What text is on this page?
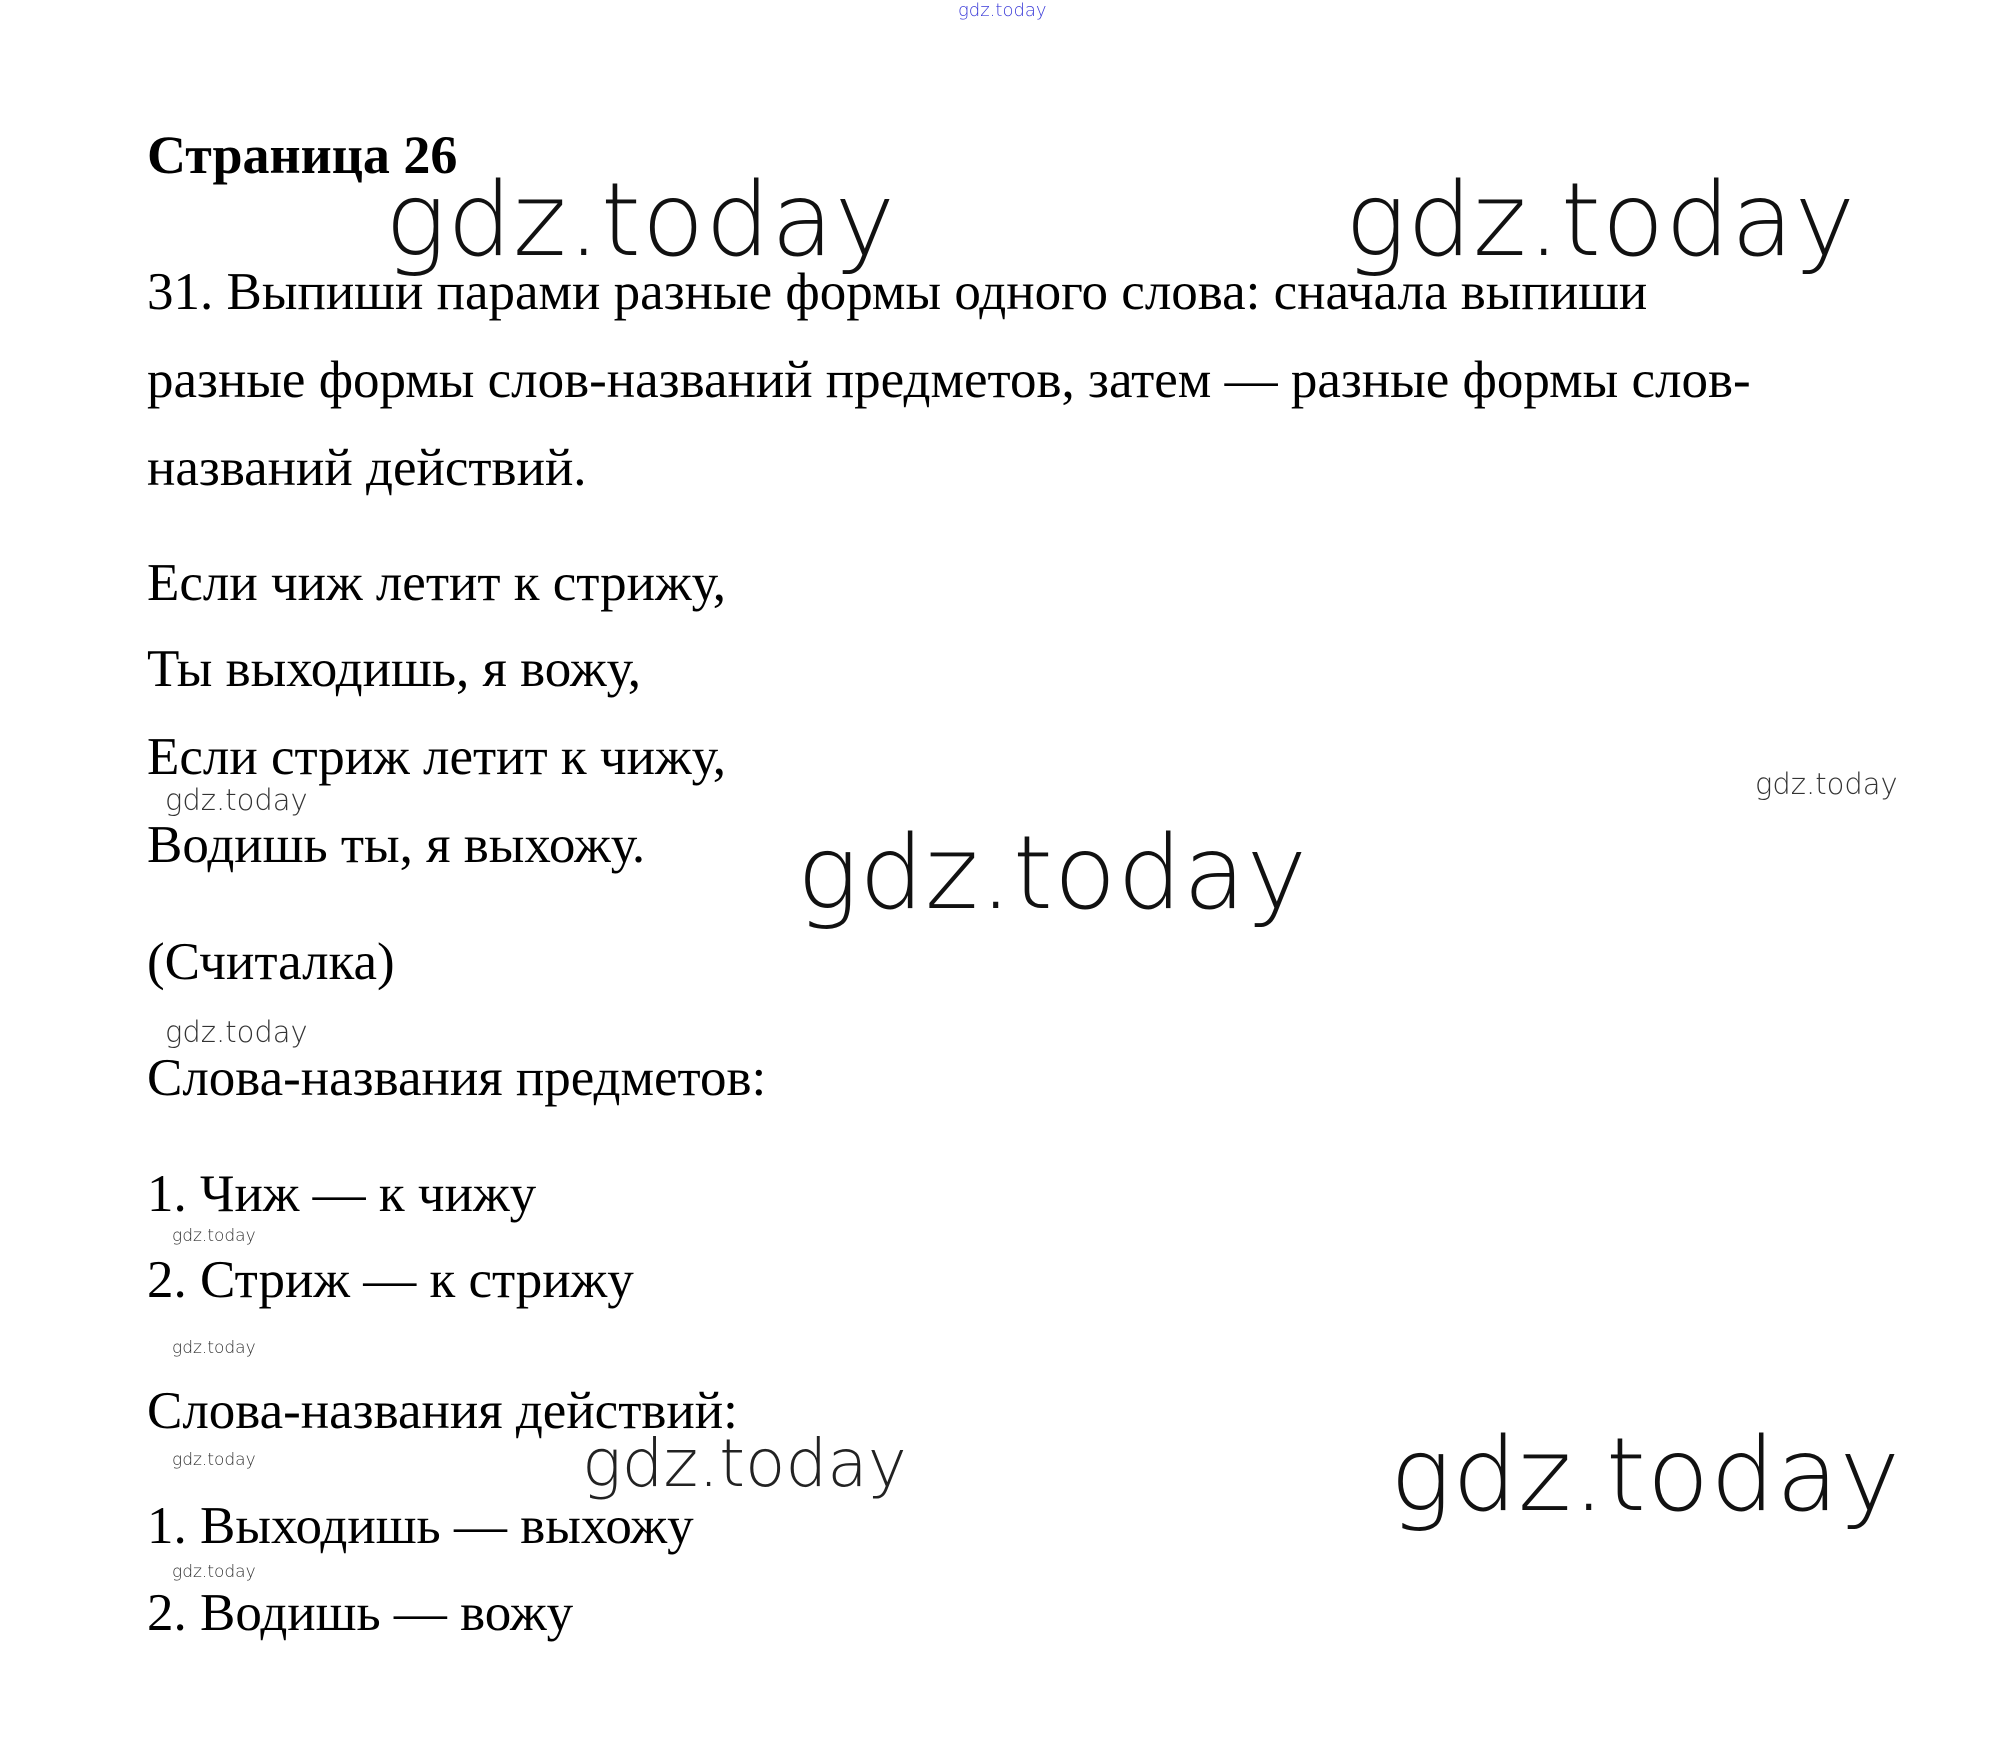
gdz.today
gdz.today	gdz.today
gdz.today
gdz.today
gdz.today
gdz.today
gdz.today
gdz.today
gdz.today	gdz.today	gdz.today
gdz.today
Страница 26
31. Выпиши парами разные формы одного слова: сначала выпиши
разные формы слов-названий предметов, затем — разные формы слов-
названий действий.
Если чиж летит к стрижу,
Ты выходишь, я вожу,
Если стриж летит к чижу,
Водишь ты, я выхожу.
(Считалка)
Слова-названия предметов:
1. Чиж — к чижу
2. Стриж — к стрижу
Слова-названия действий:
1. Выходишь — выхожу
2. Водишь — вожу
